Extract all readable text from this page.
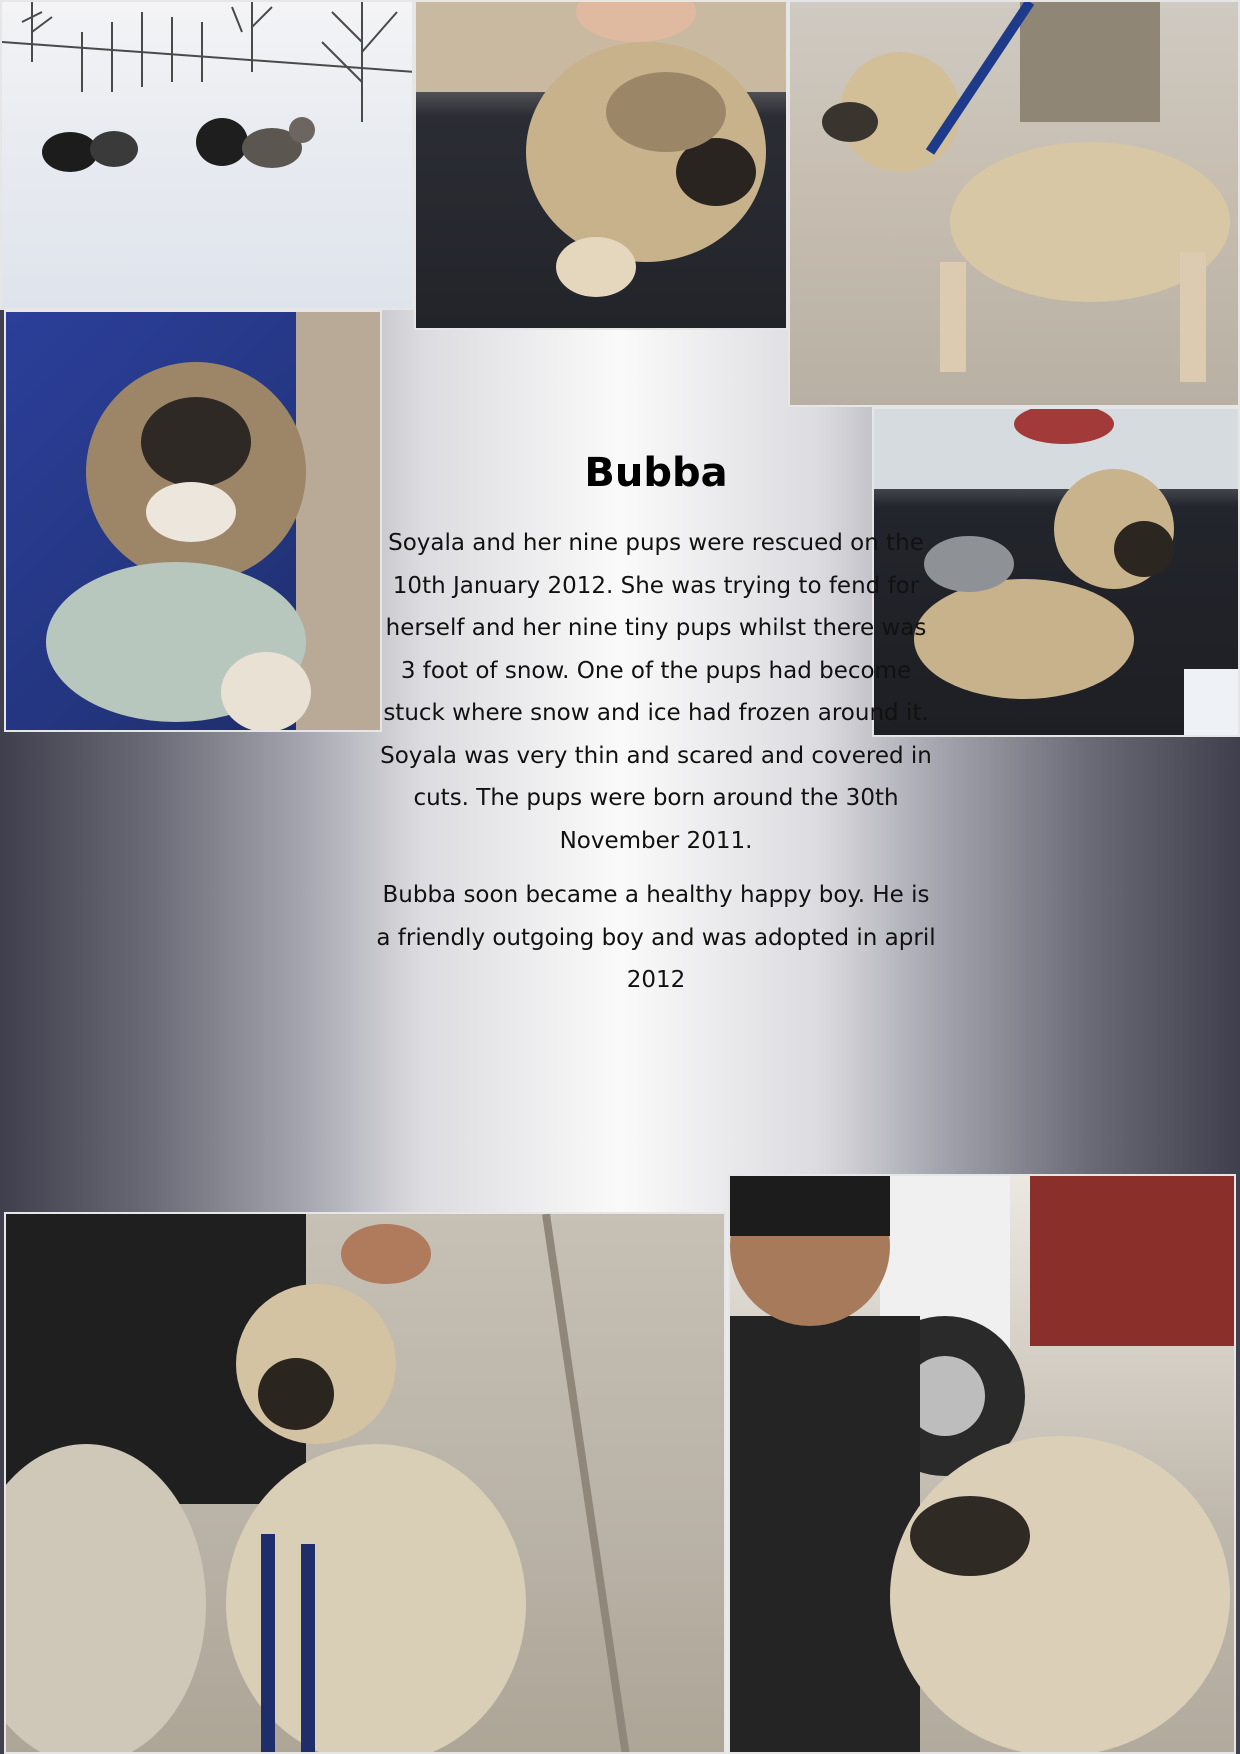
Bubba

Soyala and her nine pups were rescued on the 10th January 2012. She was trying to fend for herself and her nine tiny pups whilst there was 3 foot of snow. One of the pups had become stuck where snow and ice had frozen around it. Soyala was very thin and scared and covered in cuts. The pups were born around the 30th November 2011.

Bubba soon became a healthy happy boy. He is a friendly outgoing boy and was adopted in april 2012
